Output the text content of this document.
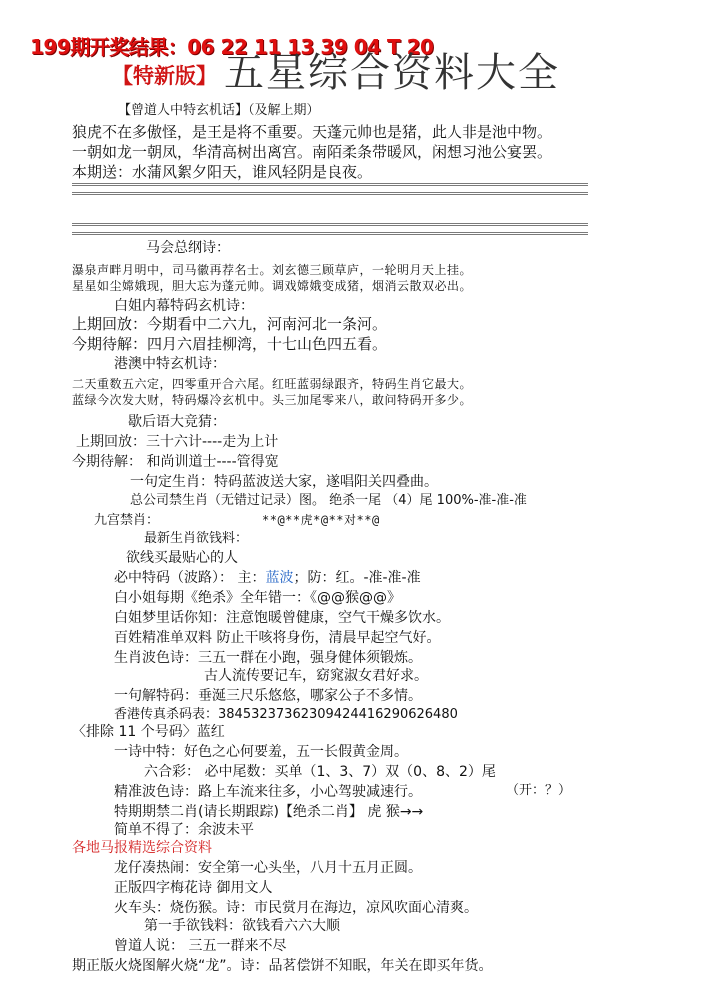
199期开奖结果：06 22 11 13 39 04 T 20
【特新版】 五星综合资料大全
【曾道人中特玄机话】（及解上期）
狼虎不在多傲怪，是王是将不重要。天蓬元帅也是猪，此人非是池中物。
一朝如龙一朝凤，华清高树出离宫。南陌柔条带暖风，闲想习池公宴罢。
本期送：水蒲风絮夕阳天，谁风轻阴是良夜。
马会总纲诗：
瀑泉声畔月明中，司马徽再荐名士。刘玄德三顾草庐，一轮明月天上挂。
星星如尘嫦娥现，胆大忘为蓬元帅。调戏嫦娥变成猪，烟消云散双必出。
白姐内幕特码玄机诗：
上期回放：今期看中二六九，河南河北一条河。
今期待解：四月六眉挂柳湾，十七山色四五看。
港澳中特玄机诗：
二天重数五六定，四零重开合六尾。红旺蓝弱绿跟齐，特码生肖它最大。
蓝绿今次发大财，特码爆冷玄机中。头三加尾零来八，敢问特码开多少。
歇后语大竞猜：
上期回放：三十六计----走为上计
今期待解： 和尚训道士----管得宽
一句定生肖：特码蓝波送大家，遂唱阳关四叠曲。
总公司禁生肖（无错过记录）图。 绝杀一尾 （4）尾 100%-准-准-准
九宫禁肖：	**@**虎*@**对**@
最新生肖欲钱料：
欲线买最贴心的人
必中特码（波路）： 主：蓝波；防：红。-准-准-准
白小姐每期《绝杀》全年错一：《@@猴@@》
白姐梦里话你知：注意饱暖曾健康，空气干燥多饮水。
百姓精准单双料 防止干咳将身伤，清晨早起空气好。
生肖波色诗：三五一群在小跑，强身健体须锻炼。
古人流传要记车，窈窕淑女君好求。
一句解特码：垂涎三尺乐悠悠，哪家公子不多情。
香港传真杀码表：38453237362309424416290626480
〈排除 11 个号码〉蓝红
一诗中特：好色之心何要羞，五一长假黄金周。
六合彩： 必中尾数：买单（1、3、7）双（0、8、2）尾
精准波色诗：路上车流来往多，小心驾驶减速行。	（开：？）
特期期禁二肖(请长期跟踪)【绝杀二肖】 虎 猴→→
简单不得了：余波未平
各地马报精选综合资料
龙仔凑热闹：安全第一心头坐，八月十五月正圆。
正版四字梅花诗 御用文人
火车头：烧伤猴。诗：市民赏月在海边，凉风吹面心清爽。
第一手欲钱料：欲钱看六六大顺
曾道人说： 三五一群来不尽
期正版火烧图解火烧“龙”。诗：品茗偿饼不知眠，年关在即买年货。
